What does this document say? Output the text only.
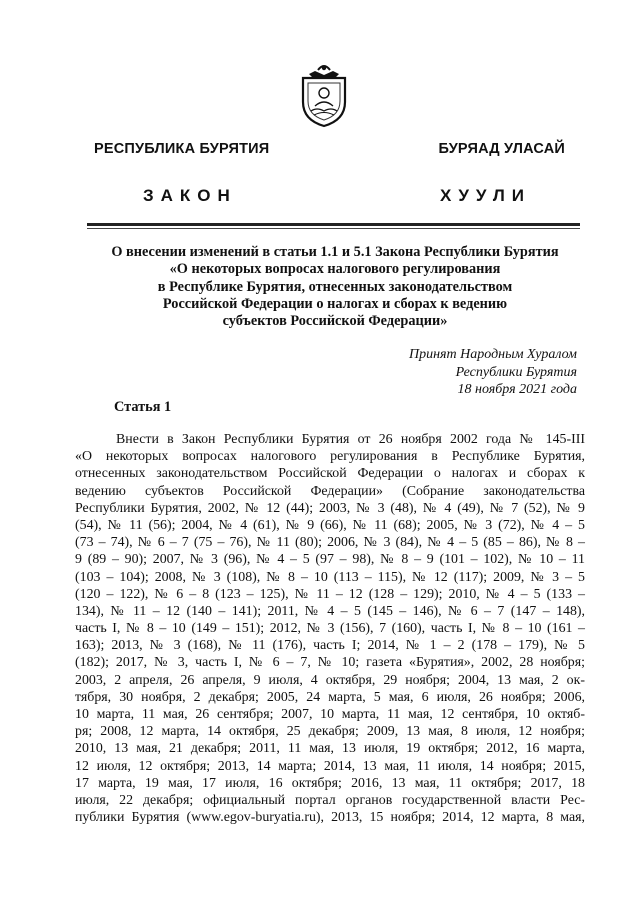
РЕСПУБЛИКА БУРЯТИЯ	БУРЯАД УЛАСАЙ
ЗАКОН	ХУУЛИ
О внесении изменений в статьи 1.1 и 5.1 Закона Республики Бурятия
«О некоторых вопросах налогового регулирования
в Республике Бурятия, отнесенных законодательством
Российской Федерации о налогах и сборах к ведению
субъектов Российской Федерации»
Принят Народным Хуралом
Республики Бурятия
18 ноября 2021 года
Статья 1
Внести в Закон Республики Бурятия от 26 ноября 2002 года № 145-III
«О некоторых вопросах налогового регулирования в Республике Бурятия,
отнесенных законодательством Российской Федерации о налогах и сборах к
ведению субъектов Российской Федерации» (Собрание законодательства
Республики Бурятия, 2002, № 12 (44); 2003, № 3 (48), № 4 (49), № 7 (52), № 9
(54), № 11 (56); 2004, № 4 (61), № 9 (66), № 11 (68); 2005, № 3 (72), № 4 – 5
(73 – 74), № 6 – 7 (75 – 76), № 11 (80); 2006, № 3 (84), № 4 – 5 (85 – 86), № 8 –
9 (89 – 90); 2007, № 3 (96), № 4 – 5 (97 – 98), № 8 – 9 (101 – 102), № 10 – 11
(103 – 104); 2008, № 3 (108), № 8 – 10 (113 – 115), № 12 (117); 2009, № 3 – 5
(120 – 122), № 6 – 8 (123 – 125), № 11 – 12 (128 – 129); 2010, № 4 – 5 (133 –
134), № 11 – 12 (140 – 141); 2011, № 4 – 5 (145 – 146), № 6 – 7 (147 – 148),
часть I, № 8 – 10 (149 – 151); 2012, № 3 (156), 7 (160), часть I, № 8 – 10 (161 –
163); 2013, № 3 (168), № 11 (176), часть I; 2014, № 1 – 2 (178 – 179), № 5
(182); 2017, № 3, часть I, № 6 – 7, № 10; газета «Бурятия», 2002, 28 ноября;
2003, 2 апреля, 26 апреля, 9 июля, 4 октября, 29 ноября; 2004, 13 мая, 2 ок-
тября, 30 ноября, 2 декабря; 2005, 24 марта, 5 мая, 6 июля, 26 ноября; 2006,
10 марта, 11 мая, 26 сентября; 2007, 10 марта, 11 мая, 12 сентября, 10 октяб-
ря; 2008, 12 марта, 14 октября, 25 декабря; 2009, 13 мая, 8 июля, 12 ноября;
2010, 13 мая, 21 декабря; 2011, 11 мая, 13 июля, 19 октября; 2012, 16 марта,
12 июля, 12 октября; 2013, 14 марта; 2014, 13 мая, 11 июля, 14 ноября; 2015,
17 марта, 19 мая, 17 июля, 16 октября; 2016, 13 мая, 11 октября; 2017, 18
июля, 22 декабря; официальный портал органов государственной власти Рес-
публики Бурятия (www.egov-buryatia.ru), 2013, 15 ноября; 2014, 12 марта, 8 мая,
